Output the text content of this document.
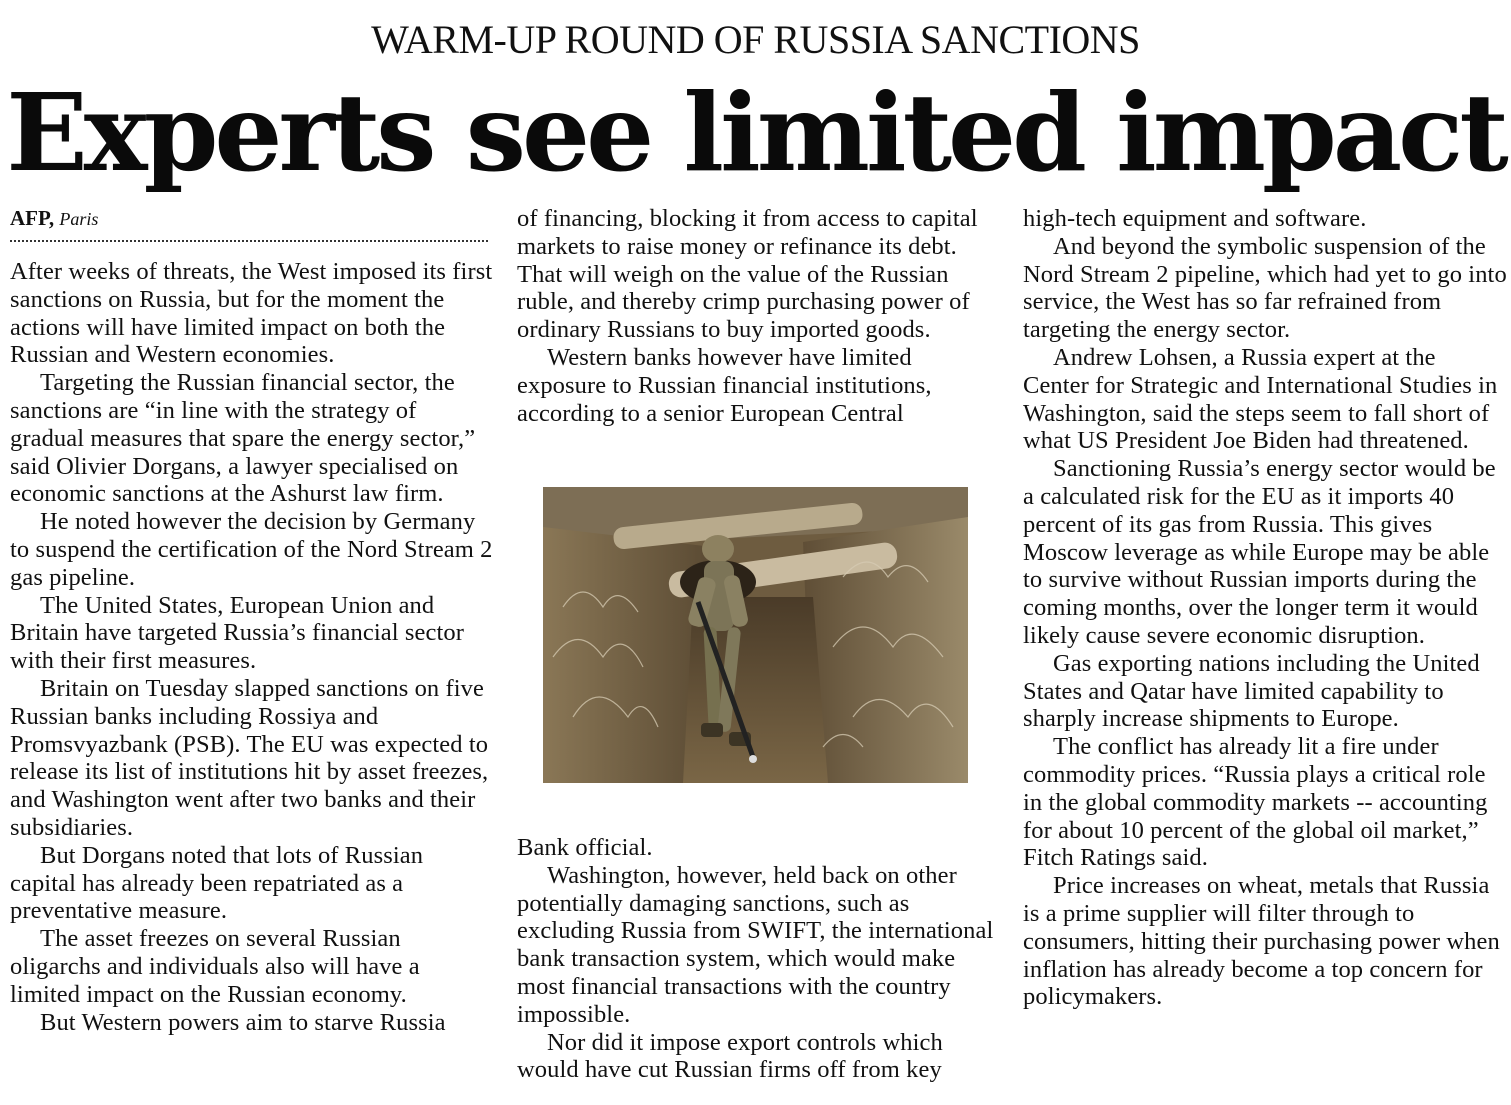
WARM-UP ROUND OF RUSSIA SANCTIONS
Experts see limited impact
AFP, Paris

After weeks of threats, the West imposed its first sanctions on Russia, but for the moment the actions will have limited impact on both the Russian and Western economies.

Targeting the Russian financial sector, the sanctions are “in line with the strategy of gradual measures that spare the energy sector,” said Olivier Dorgans, a lawyer specialised on economic sanctions at the Ashurst law firm.

He noted however the decision by Germany to suspend the certification of the Nord Stream 2 gas pipeline.

The United States, European Union and Britain have targeted Russia’s financial sector with their first measures.

Britain on Tuesday slapped sanctions on five Russian banks including Rossiya and Promsvyazbank (PSB). The EU was expected to release its list of institutions hit by asset freezes, and Washington went after two banks and their subsidiaries.

But Dorgans noted that lots of Russian capital has already been repatriated as a preventative measure.

The asset freezes on several Russian oligarchs and individuals also will have a limited impact on the Russian economy.

But Western powers aim to starve Russia

of financing, blocking it from access to capital markets to raise money or refinance its debt. That will weigh on the value of the Russian ruble, and thereby crimp purchasing power of ordinary Russians to buy imported goods.

Western banks however have limited exposure to Russian financial institutions, according to a senior European Central

Bank official.

Washington, however, held back on other potentially damaging sanctions, such as excluding Russia from SWIFT, the international bank transaction system, which would make most financial transactions with the country impossible.

Nor did it impose export controls which would have cut Russian firms off from key

high-tech equipment and software.

And beyond the symbolic suspension of the Nord Stream 2 pipeline, which had yet to go into service, the West has so far refrained from targeting the energy sector.

Andrew Lohsen, a Russia expert at the Center for Strategic and International Studies in Washington, said the steps seem to fall short of what US President Joe Biden had threatened.

Sanctioning Russia’s energy sector would be a calculated risk for the EU as it imports 40 percent of its gas from Russia. This gives Moscow leverage as while Europe may be able to survive without Russian imports during the coming months, over the longer term it would likely cause severe economic disruption.

Gas exporting nations including the United States and Qatar have limited capability to sharply increase shipments to Europe.

The conflict has already lit a fire under commodity prices. “Russia plays a critical role in the global commodity markets -- accounting for about 10 percent of the global oil market,” Fitch Ratings said.

Price increases on wheat, metals that Russia is a prime supplier will filter through to consumers, hitting their purchasing power when inflation has already become a top concern for policymakers.
